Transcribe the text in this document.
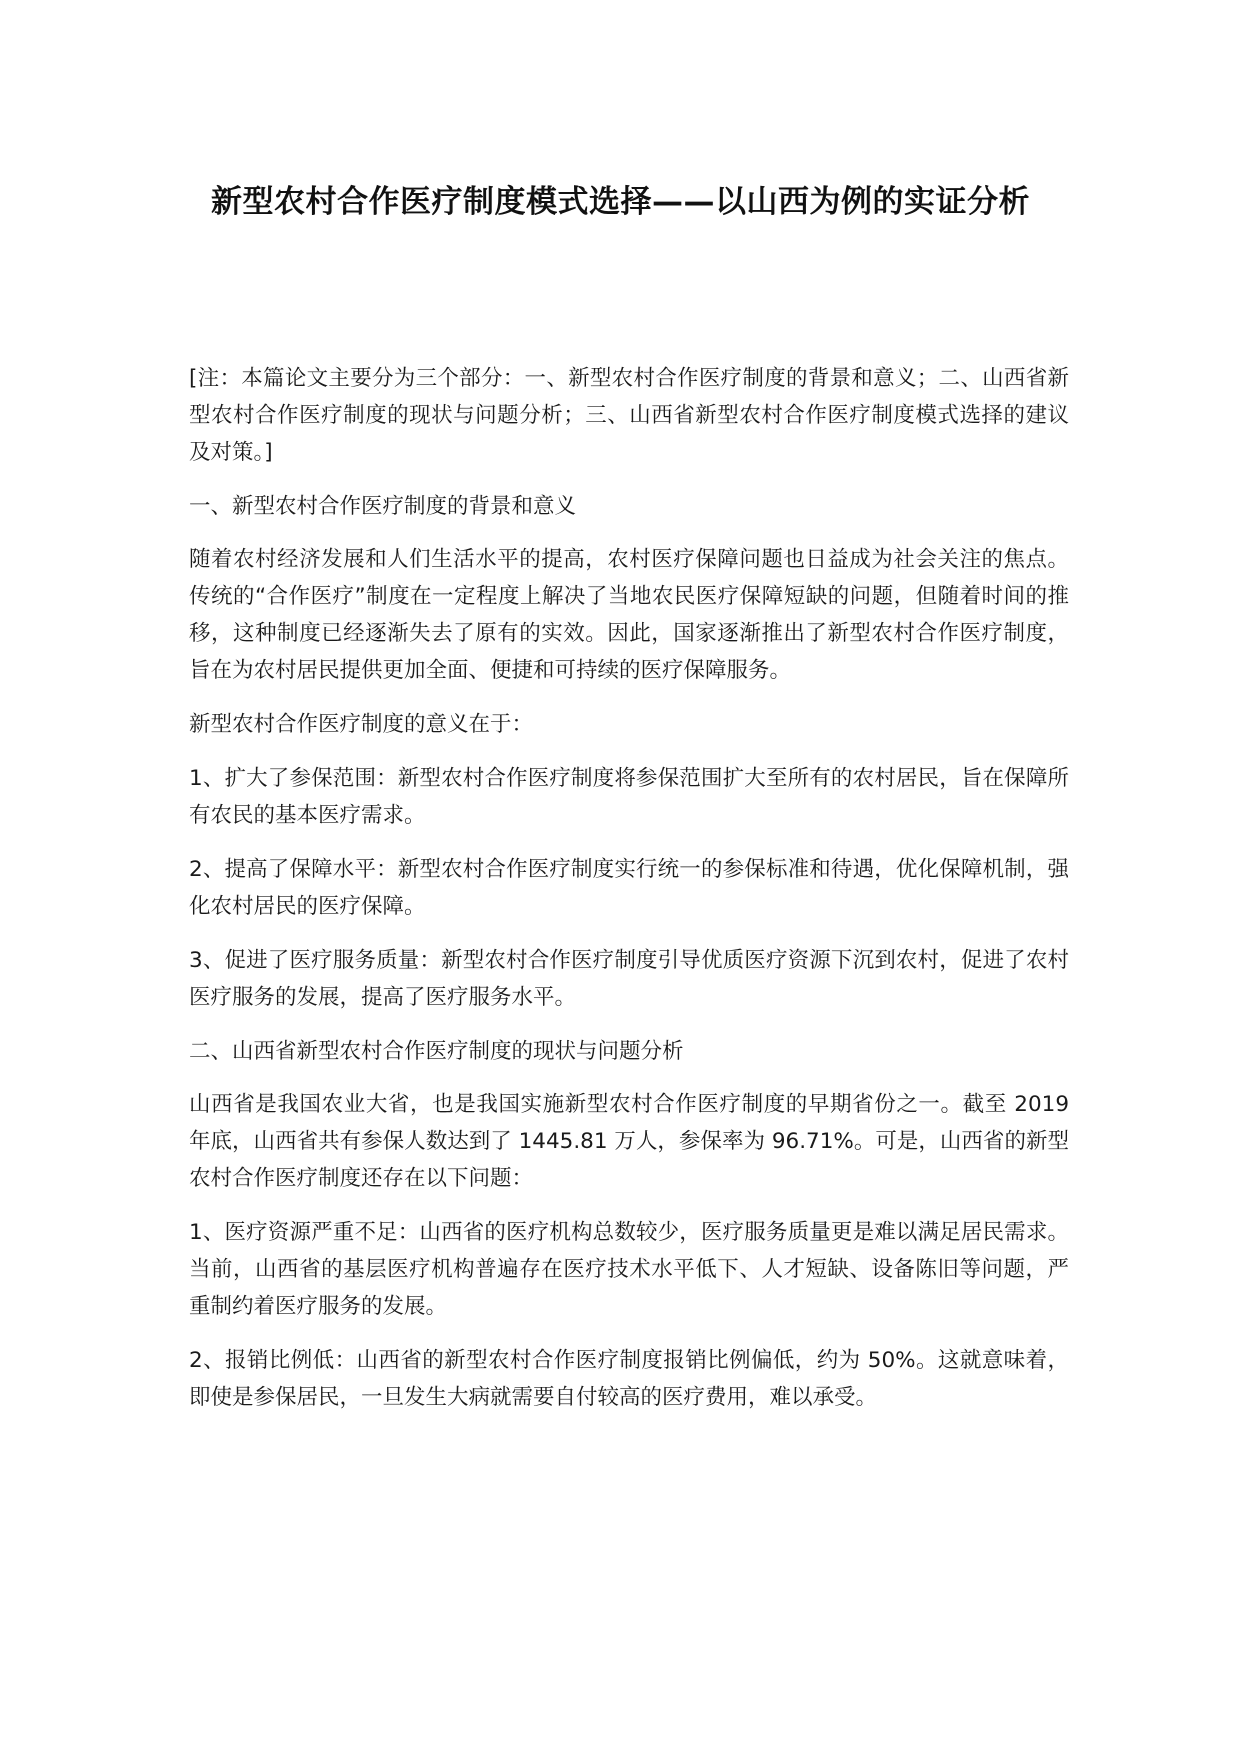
新型农村合作医疗制度模式选择——以山西为例的实证分析

[注：本篇论文主要分为三个部分：一、新型农村合作医疗制度的背景和意义；二、山西省新型农村合作医疗制度的现状与问题分析；三、山西省新型农村合作医疗制度模式选择的建议及对策。]

一、新型农村合作医疗制度的背景和意义

随着农村经济发展和人们生活水平的提高，农村医疗保障问题也日益成为社会关注的焦点。传统的“合作医疗”制度在一定程度上解决了当地农民医疗保障短缺的问题，但随着时间的推移，这种制度已经逐渐失去了原有的实效。因此，国家逐渐推出了新型农村合作医疗制度，旨在为农村居民提供更加全面、便捷和可持续的医疗保障服务。

新型农村合作医疗制度的意义在于：

1、扩大了参保范围：新型农村合作医疗制度将参保范围扩大至所有的农村居民，旨在保障所有农民的基本医疗需求。

2、提高了保障水平：新型农村合作医疗制度实行统一的参保标准和待遇，优化保障机制，强化农村居民的医疗保障。

3、促进了医疗服务质量：新型农村合作医疗制度引导优质医疗资源下沉到农村，促进了农村医疗服务的发展，提高了医疗服务水平。

二、山西省新型农村合作医疗制度的现状与问题分析

山西省是我国农业大省，也是我国实施新型农村合作医疗制度的早期省份之一。截至 2019 年底，山西省共有参保人数达到了 1445.81 万人，参保率为 96.71%。可是，山西省的新型农村合作医疗制度还存在以下问题：

1、医疗资源严重不足：山西省的医疗机构总数较少，医疗服务质量更是难以满足居民需求。当前，山西省的基层医疗机构普遍存在医疗技术水平低下、人才短缺、设备陈旧等问题，严重制约着医疗服务的发展。

2、报销比例低：山西省的新型农村合作医疗制度报销比例偏低，约为 50%。这就意味着，即使是参保居民，一旦发生大病就需要自付较高的医疗费用，难以承受。
